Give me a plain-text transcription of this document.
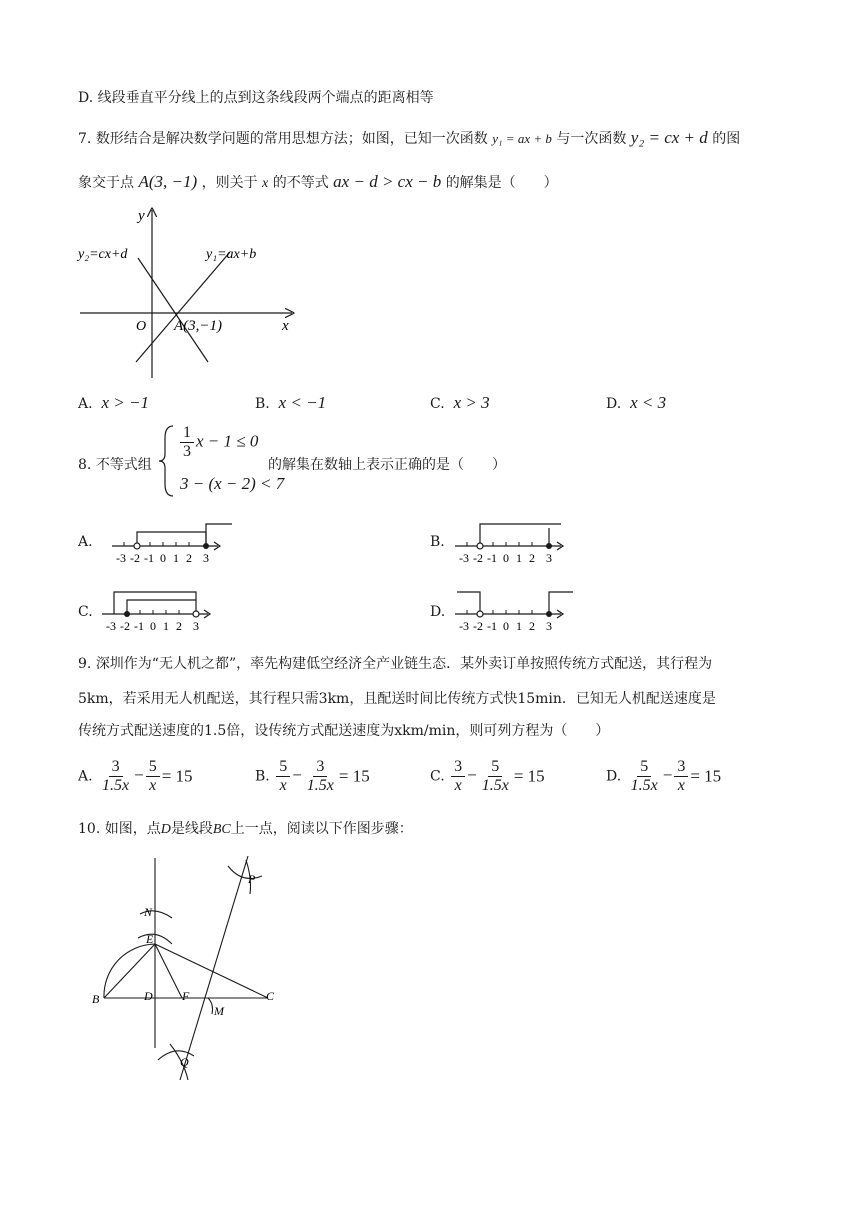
D. 线段垂直平分线上的点到这条线段两个端点的距离相等
7. 数形结合是解决数学问题的常用思想方法；如图，已知一次函数 y₁ = ax + b 与一次函数 y₂ = cx + d 的图
象交于点 A(3, −1) ，则关于 x 的不等式 ax − d > cx − b 的解集是（　　）
y
x
O
y₂=cx+d	y₁=ax+b
A(3,−1)
A. x > −1	B. x < −1	C. x > 3	D. x < 3
8. 不等式组
$\frac{1}{3}$ x − 1 ≤ 0
3 − (x − 2) < 7
的解集在数轴上表示正确的是（　　）
A.
-3 -2 -1 0 1 2 3
B.
-3 -2 -1 0 1 2 3
C.
-3 -2 -1 0 1 2 3
D.
-3 -2 -1 0 1 2 3
9. 深圳作为“无人机之都”，率先构建低空经济全产业链生态．某外卖订单按照传统方式配送，其行程为
5km，若采用无人机配送，其行程只需3km，且配送时间比传统方式快15min．已知无人机配送速度是
传统方式配送速度的1.5倍，设传统方式配送速度为xkm/min，则可列方程为（　　）
A. $\frac{3}{1.5x} - \frac{5}{x} = 15$	B. $\frac{5}{x} - \frac{3}{1.5x} = 15$	C. $\frac{3}{x} - \frac{5}{1.5x} = 15$	D. $\frac{5}{1.5x} - \frac{3}{x} = 15$
10. 如图，点D是线段BC上一点，阅读以下作图步骤：
P
N
E
B	D F
M
C
Q
